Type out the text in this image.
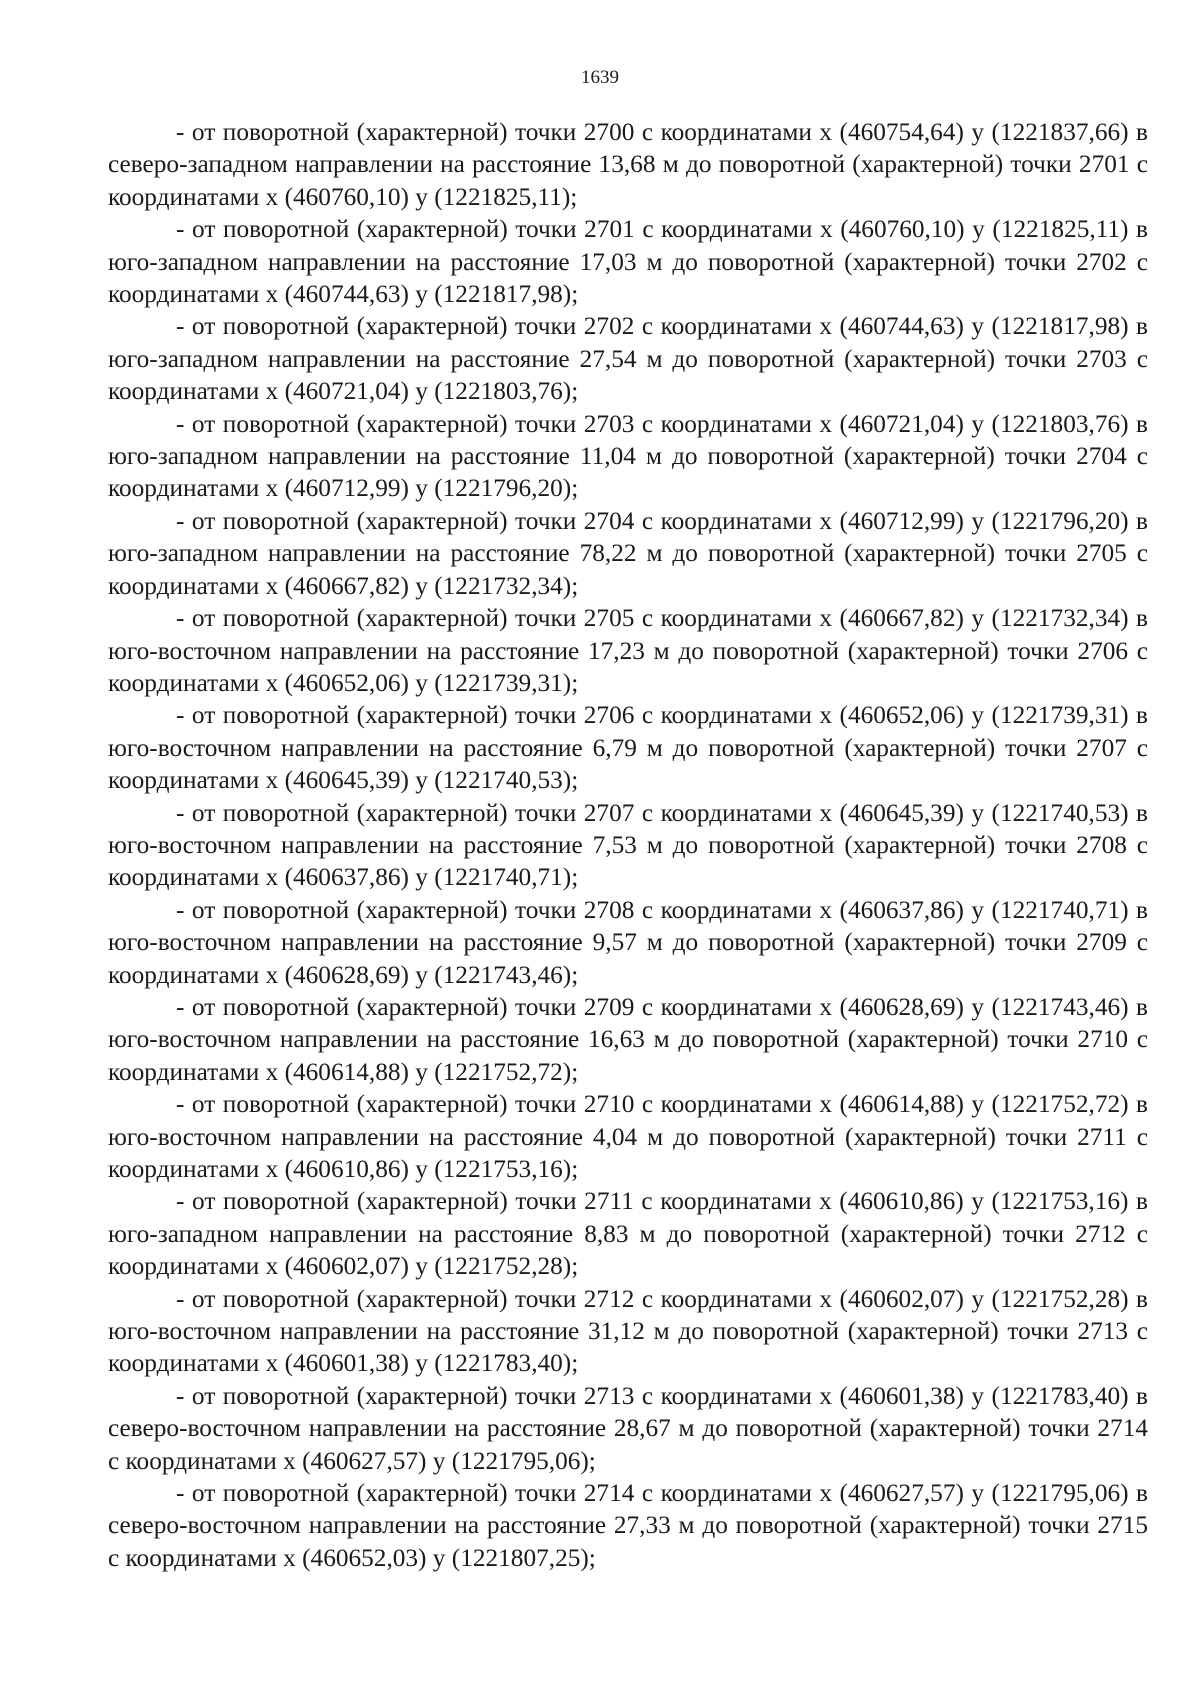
1639

- от поворотной (характерной) точки 2700 с координатами х (460754,64) у (1221837,66) в северо-западном направлении на расстояние 13,68 м до поворотной (характерной) точки 2701 с координатами х (460760,10) у (1221825,11);

- от поворотной (характерной) точки 2701 с координатами х (460760,10) у (1221825,11) в юго-западном направлении на расстояние 17,03 м до поворотной (характерной) точки 2702 с координатами х (460744,63) у (1221817,98);

- от поворотной (характерной) точки 2702 с координатами х (460744,63) у (1221817,98) в юго-западном направлении на расстояние 27,54 м до поворотной (характерной) точки 2703 с координатами х (460721,04) у (1221803,76);

- от поворотной (характерной) точки 2703 с координатами х (460721,04) у (1221803,76) в юго-западном направлении на расстояние 11,04 м до поворотной (характерной) точки 2704 с координатами х (460712,99) у (1221796,20);

- от поворотной (характерной) точки 2704 с координатами х (460712,99) у (1221796,20) в юго-западном направлении на расстояние 78,22 м до поворотной (характерной) точки 2705 с координатами х (460667,82) у (1221732,34);

- от поворотной (характерной) точки 2705 с координатами х (460667,82) у (1221732,34) в юго-восточном направлении на расстояние 17,23 м до поворотной (характерной) точки 2706 с координатами х (460652,06) у (1221739,31);

- от поворотной (характерной) точки 2706 с координатами х (460652,06) у (1221739,31) в юго-восточном направлении на расстояние 6,79 м до поворотной (характерной) точки 2707 с координатами х (460645,39) у (1221740,53);

- от поворотной (характерной) точки 2707 с координатами х (460645,39) у (1221740,53) в юго-восточном направлении на расстояние 7,53 м до поворотной (характерной) точки 2708 с координатами х (460637,86) у (1221740,71);

- от поворотной (характерной) точки 2708 с координатами х (460637,86) у (1221740,71) в юго-восточном направлении на расстояние 9,57 м до поворотной (характерной) точки 2709 с координатами х (460628,69) у (1221743,46);

- от поворотной (характерной) точки 2709 с координатами х (460628,69) у (1221743,46) в юго-восточном направлении на расстояние 16,63 м до поворотной (характерной) точки 2710 с координатами х (460614,88) у (1221752,72);

- от поворотной (характерной) точки 2710 с координатами х (460614,88) у (1221752,72) в юго-восточном направлении на расстояние 4,04 м до поворотной (характерной) точки 2711 с координатами х (460610,86) у (1221753,16);

- от поворотной (характерной) точки 2711 с координатами х (460610,86) у (1221753,16) в юго-западном направлении на расстояние 8,83 м до поворотной (характерной) точки 2712 с координатами х (460602,07) у (1221752,28);

- от поворотной (характерной) точки 2712 с координатами х (460602,07) у (1221752,28) в юго-восточном направлении на расстояние 31,12 м до поворотной (характерной) точки 2713 с координатами х (460601,38) у (1221783,40);

- от поворотной (характерной) точки 2713 с координатами х (460601,38) у (1221783,40) в северо-восточном направлении на расстояние 28,67 м до поворотной (характерной) точки 2714 с координатами х (460627,57) у (1221795,06);

- от поворотной (характерной) точки 2714 с координатами х (460627,57) у (1221795,06) в северо-восточном направлении на расстояние 27,33 м до поворотной (характерной) точки 2715 с координатами х (460652,03) у (1221807,25);
